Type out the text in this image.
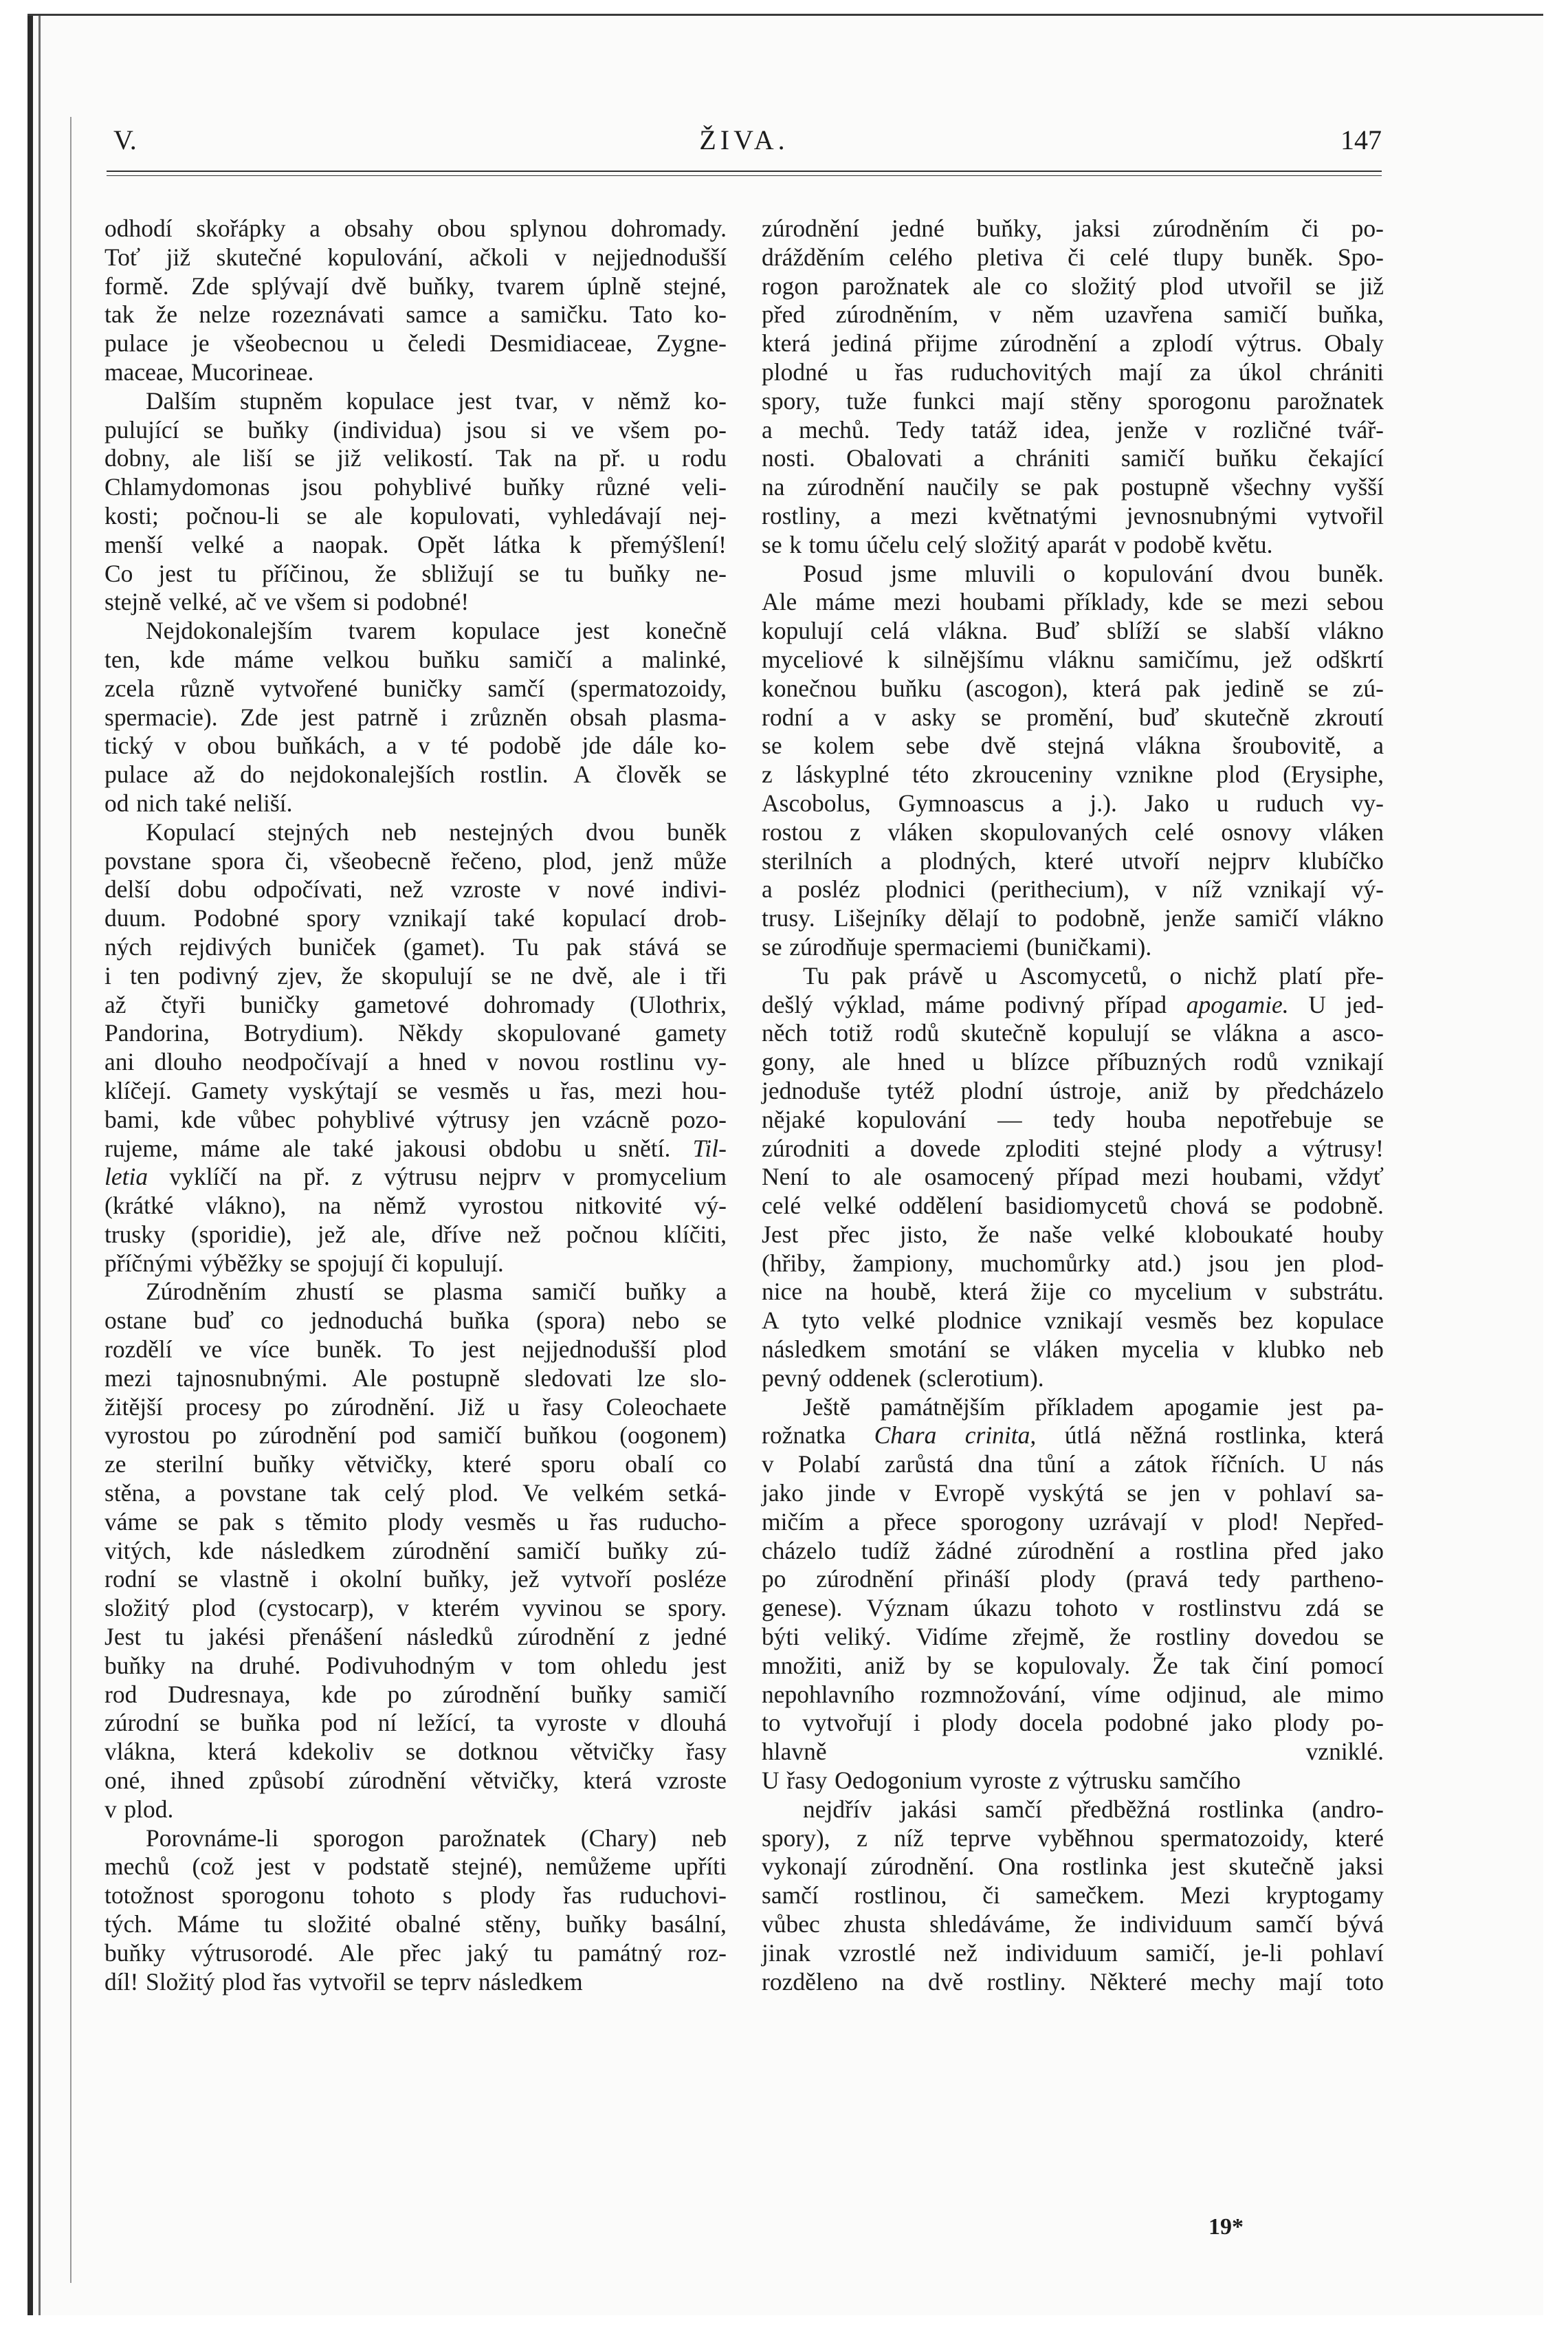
ŽIVA.
V.	147
odhodí skořápky a obsahy obou splynou dohromady.
Toť již skutečné kopulování, ačkoli v nejjednodušší
formě. Zde splývají dvě buňky, tvarem úplně stejné,
tak že nelze rozeznávati samce a samičku. Tato ko-
pulace je všeobecnou u čeledi Desmidiaceae, Zygne-
maceae, Mucorineae.
Dalším stupněm kopulace jest tvar, v němž ko-
pulující se buňky (individua) jsou si ve všem po-
dobny, ale liší se již velikostí. Tak na př. u rodu
Chlamydomonas jsou pohyblivé buňky různé veli-
kosti; počnou-li se ale kopulovati, vyhledávají nej-
menší velké a naopak. Opět látka k přemýšlení!
Co jest tu příčinou, že sbližují se tu buňky ne-
stejně velké, ač ve všem si podobné!
Nejdokonalejším tvarem kopulace jest konečně
ten, kde máme velkou buňku samičí a malinké,
zcela různě vytvořené buničky samčí (spermatozoidy,
spermacie). Zde jest patrně i zrůzněn obsah plasma-
tický v obou buňkách, a v té podobě jde dále ko-
pulace až do nejdokonalejších rostlin. A člověk se
od nich také neliší.
Kopulací stejných neb nestejných dvou buněk
povstane spora či, všeobecně řečeno, plod, jenž může
delší dobu odpočívati, než vzroste v nové indivi-
duum. Podobné spory vznikají také kopulací drob-
ných rejdivých buniček (gamet). Tu pak stává se
i ten podivný zjev, že skopulují se ne dvě, ale i tři
až čtyři buničky gametové dohromady (Ulothrix,
Pandorina, Botrydium). Někdy skopulované gamety
ani dlouho neodpočívají a hned v novou rostlinu vy-
klíčejí. Gamety vyskýtají se vesměs u řas, mezi hou-
bami, kde vůbec pohyblivé výtrusy jen vzácně pozo-
rujeme, máme ale také jakousi obdobu u snětí. Til-
letia vyklíčí na př. z výtrusu nejprv v promycelium
(krátké vlákno), na němž vyrostou nitkovité vý-
trusky (sporidie), jež ale, dříve než počnou klíčiti,
příčnými výběžky se spojují či kopulují.
Zúrodněním zhustí se plasma samičí buňky a
ostane buď co jednoduchá buňka (spora) nebo se
rozdělí ve více buněk. To jest nejjednodušší plod
mezi tajnosnubnými. Ale postupně sledovati lze slo-
žitější procesy po zúrodnění. Již u řasy Coleochaete
vyrostou po zúrodnění pod samičí buňkou (oogonem)
ze sterilní buňky větvičky, které sporu obalí co
stěna, a povstane tak celý plod. Ve velkém setká-
váme se pak s těmito plody vesměs u řas ruducho-
vitých, kde následkem zúrodnění samičí buňky zú-
rodní se vlastně i okolní buňky, jež vytvoří posléze
složitý plod (cystocarp), v kterém vyvinou se spory.
Jest tu jakési přenášení následků zúrodnění z jedné
buňky na druhé. Podivuhodným v tom ohledu jest
rod Dudresnaya, kde po zúrodnění buňky samičí
zúrodní se buňka pod ní ležící, ta vyroste v dlouhá
vlákna, která kdekoliv se dotknou větvičky řasy
oné, ihned způsobí zúrodnění větvičky, která vzroste
v plod.
Porovnáme-li sporogon parožnatek (Chary) neb
mechů (což jest v podstatě stejné), nemůžeme upříti
totožnost sporogonu tohoto s plody řas ruduchovi-
tých. Máme tu složité obalné stěny, buňky basální,
buňky výtrusorodé. Ale přec jaký tu památný roz-
díl! Složitý plod řas vytvořil se teprv následkem
zúrodnění jedné buňky, jaksi zúrodněním či po-
drážděním celého pletiva či celé tlupy buněk. Spo-
rogon parožnatek ale co složitý plod utvořil se již
před zúrodněním, v něm uzavřena samičí buňka,
která jediná přijme zúrodnění a zplodí výtrus. Obaly
plodné u řas ruduchovitých mají za úkol chrániti
spory, tuže funkci mají stěny sporogonu parožnatek
a mechů. Tedy tatáž idea, jenže v rozličné tvář-
nosti. Obalovati a chrániti samičí buňku čekající
na zúrodnění naučily se pak postupně všechny vyšší
rostliny, a mezi květnatými jevnosnubnými vytvořil
se k tomu účelu celý složitý aparát v podobě květu.
Posud jsme mluvili o kopulování dvou buněk.
Ale máme mezi houbami příklady, kde se mezi sebou
kopulují celá vlákna. Buď sblíží se slabší vlákno
myceliové k silnějšímu vláknu samičímu, jež odškrtí
konečnou buňku (ascogon), která pak jedině se zú-
rodní a v asky se promění, buď skutečně zkroutí
se kolem sebe dvě stejná vlákna šroubovitě, a
z láskyplné této zkrouceniny vznikne plod (Erysiphe,
Ascobolus, Gymnoascus a j.). Jako u ruduch vy-
rostou z vláken skopulovaných celé osnovy vláken
sterilních a plodných, které utvoří nejprv klubíčko
a posléz plodnici (perithecium), v níž vznikají vý-
trusy. Lišejníky dělají to podobně, jenže samičí vlákno
se zúrodňuje spermaciemi (buničkami).
Tu pak právě u Ascomycetů, o nichž platí pře-
dešlý výklad, máme podivný případ apogamie. U jed-
něch totiž rodů skutečně kopulují se vlákna a asco-
gony, ale hned u blízce příbuzných rodů vznikají
jednoduše tytéž plodní ústroje, aniž by předcházelo
nějaké kopulování — tedy houba nepotřebuje se
zúrodniti a dovede zploditi stejné plody a výtrusy!
Není to ale osamocený případ mezi houbami, vždyť
celé velké oddělení basidiomycetů chová se podobně.
Jest přec jisto, že naše velké kloboukaté houby
(hřiby, žampiony, muchomůrky atd.) jsou jen plod-
nice na houbě, která žije co mycelium v substrátu.
A tyto velké plodnice vznikají vesměs bez kopulace
následkem smotání se vláken mycelia v klubko neb
pevný oddenek (sclerotium).
Ještě památnějším příkladem apogamie jest pa-
rožnatka Chara crinita, útlá něžná rostlinka, která
v Polabí zarůstá dna tůní a zátok říčních. U nás
jako jinde v Evropě vyskýtá se jen v pohlaví sa-
mičím a přece sporogony uzrávají v plod! Nepřed-
cházelo tudíž žádné zúrodnění a rostlina před jako
po zúrodnění přináší plody (pravá tedy partheno-
genese). Význam úkazu tohoto v rostlinstvu zdá se
býti veliký. Vidíme zřejmě, že rostliny dovedou se
množiti, aniž by se kopulovaly. Že tak činí pomocí
nepohlavního rozmnožování, víme odjinud, ale mimo
to vytvořují i plody docela podobné jako plody po-
hlavně	vzniklé.
U řasy Oedogonium vyroste z výtrusku samčího
nejdřív jakási samčí předběžná rostlinka (andro-
spory), z níž teprve vyběhnou spermatozoidy, které
vykonají zúrodnění. Ona rostlinka jest skutečně jaksi
samčí rostlinou, či samečkem. Mezi kryptogamy
vůbec zhusta shledáváme, že individuum samčí bývá
jinak vzrostlé než individuum samičí, je-li pohlaví
rozděleno na dvě rostliny. Některé mechy mají toto
19*
